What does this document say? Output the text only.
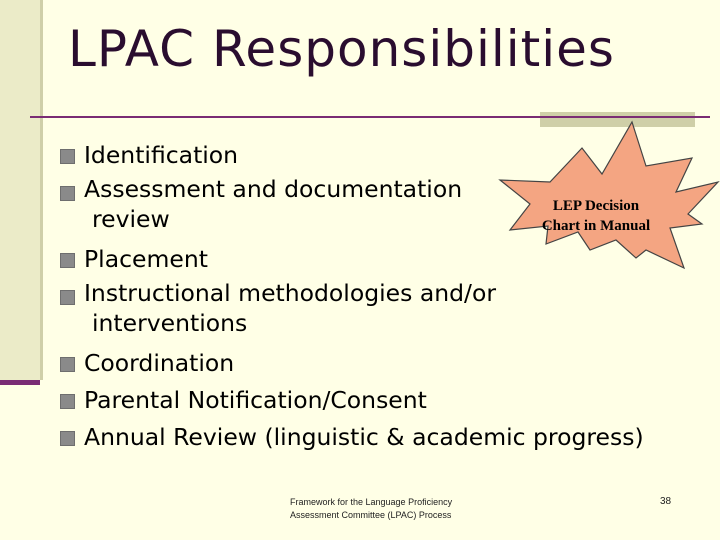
LPAC Responsibilities
Identification
Assessment and documentation
review
Placement
Instructional methodologies and/or
interventions
Coordination
Parental Notification/Consent
Annual Review (linguistic & academic progress)
LEP Decision
Chart in Manual
Framework for the Language Proficiency
Assessment Committee (LPAC) Process
38
